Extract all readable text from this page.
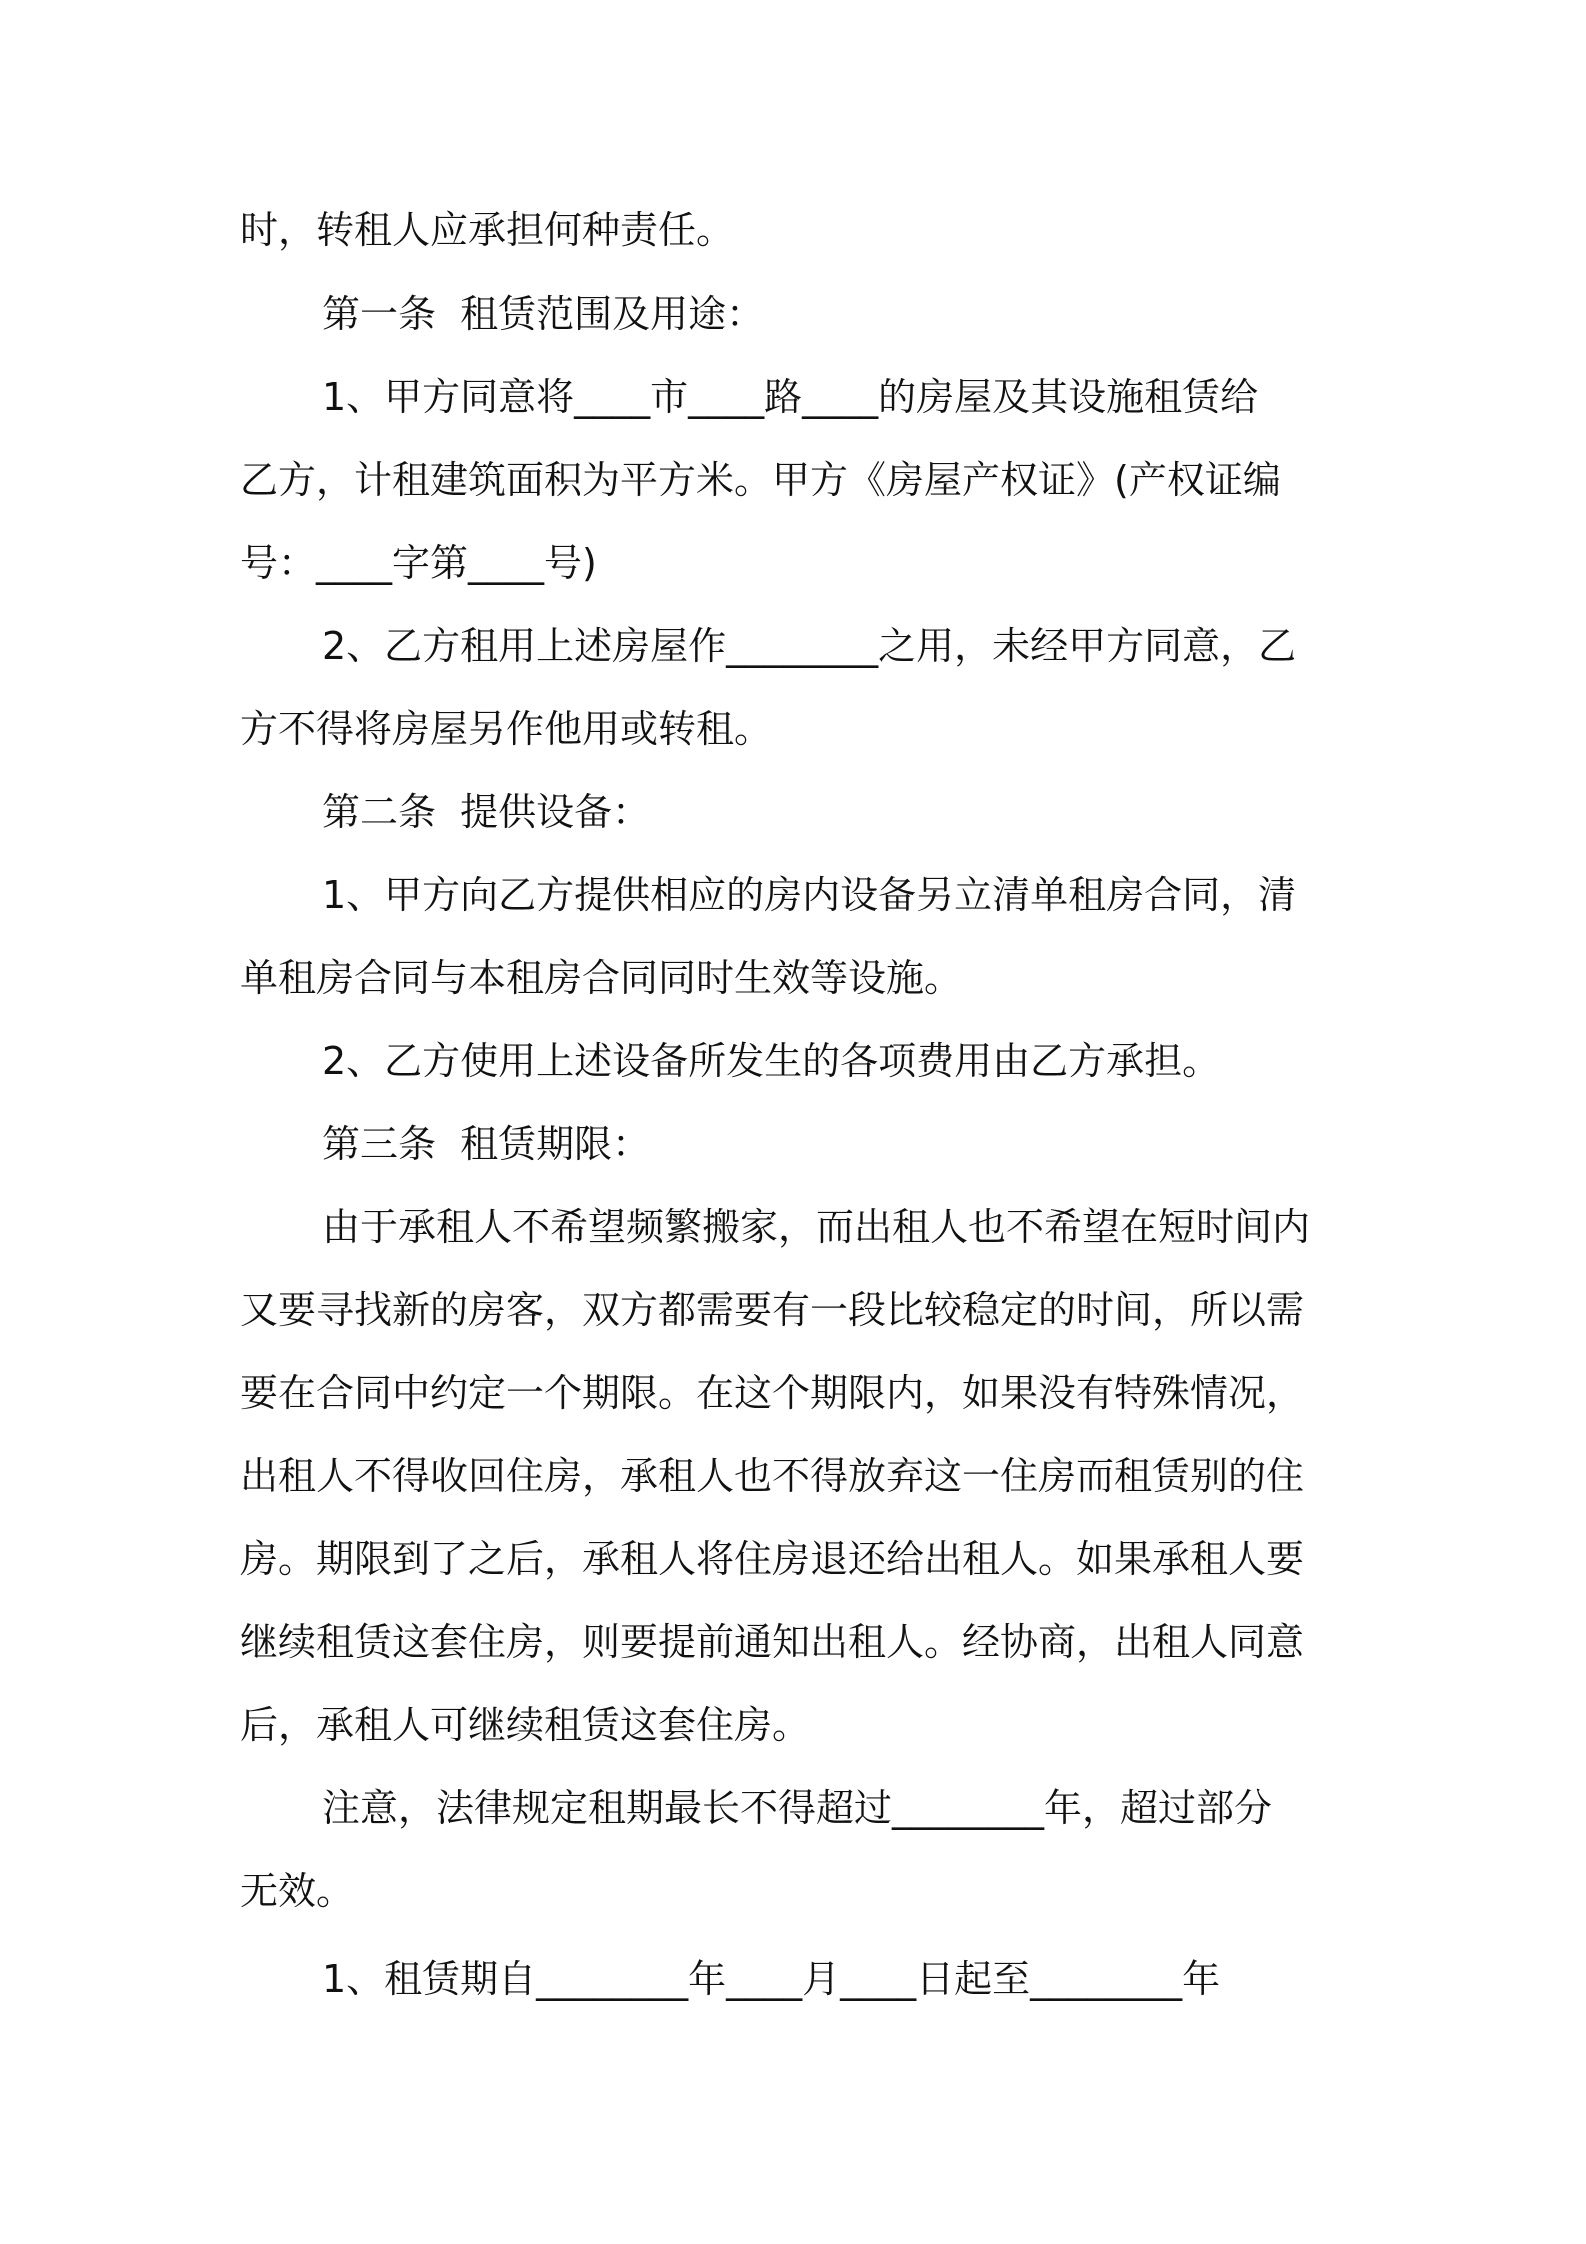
时，转租人应承担何种责任。
第一条  租赁范围及用途：
1、甲方同意将____市____路____的房屋及其设施租赁给
乙方，计租建筑面积为平方米。甲方《房屋产权证》(产权证编
号：____字第____号)
2、乙方租用上述房屋作________之用，未经甲方同意，乙
方不得将房屋另作他用或转租。
第二条  提供设备：
1、甲方向乙方提供相应的房内设备另立清单租房合同，清
单租房合同与本租房合同同时生效等设施。
2、乙方使用上述设备所发生的各项费用由乙方承担。
第三条  租赁期限：
由于承租人不希望频繁搬家，而出租人也不希望在短时间内
又要寻找新的房客，双方都需要有一段比较稳定的时间，所以需
要在合同中约定一个期限。在这个期限内，如果没有特殊情况，
出租人不得收回住房，承租人也不得放弃这一住房而租赁别的住
房。期限到了之后，承租人将住房退还给出租人。如果承租人要
继续租赁这套住房，则要提前通知出租人。经协商，出租人同意
后，承租人可继续租赁这套住房。
注意，法律规定租期最长不得超过________年，超过部分
无效。
1、租赁期自________年____月____日起至________年
